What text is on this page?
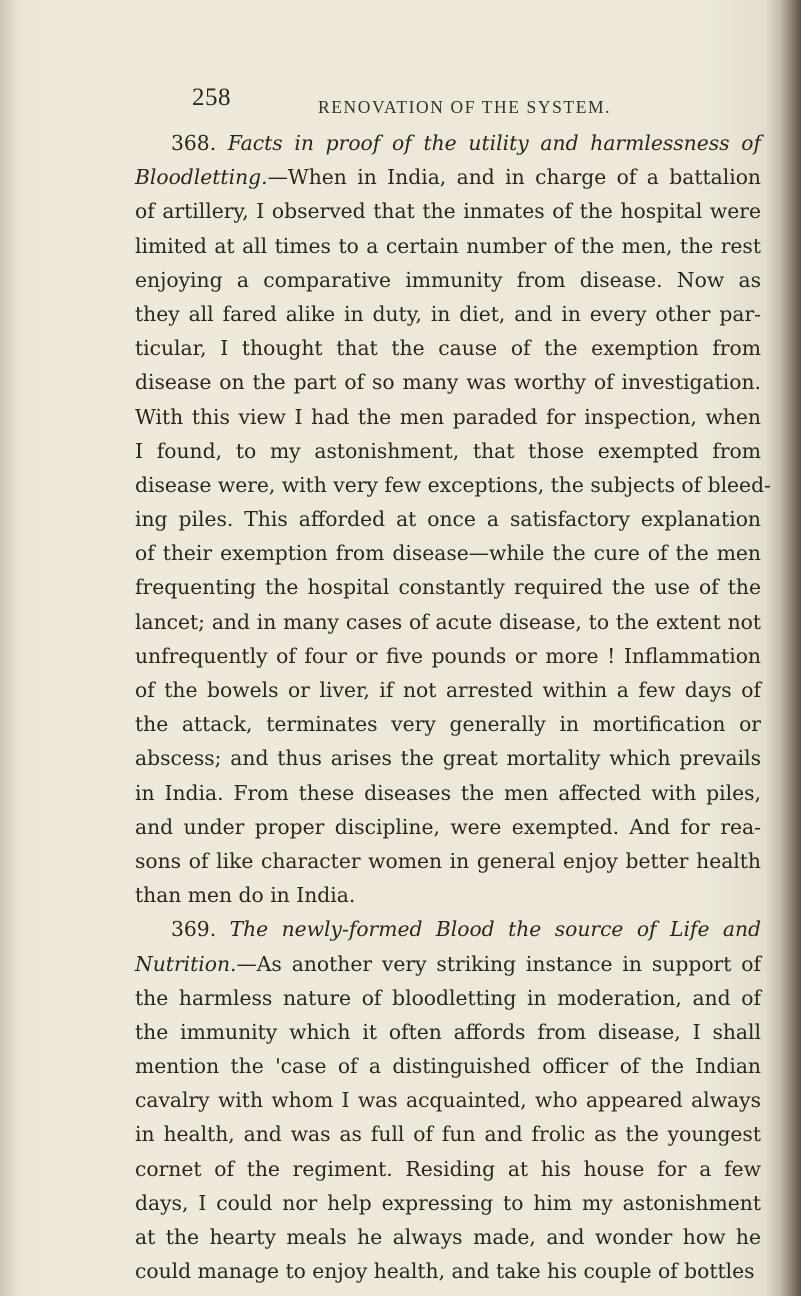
258	RENOVATION OF THE SYSTEM.
368. Facts in proof of the utility and harmlessness of
Bloodletting.—When in India, and in charge of a battalion
of artillery, I observed that the inmates of the hospital were
limited at all times to a certain number of the men, the rest
enjoying a comparative immunity from disease. Now as
they all fared alike in duty, in diet, and in every other par-
ticular, I thought that the cause of the exemption from
disease on the part of so many was worthy of investigation.
With this view I had the men paraded for inspection, when
I found, to my astonishment, that those exempted from
disease were, with very few exceptions, the subjects of bleed-
ing piles. This afforded at once a satisfactory explanation
of their exemption from disease—while the cure of the men
frequenting the hospital constantly required the use of the
lancet; and in many cases of acute disease, to the extent not
unfrequently of four or five pounds or more ! Inflammation
of the bowels or liver, if not arrested within a few days of
the attack, terminates very generally in mortification or
abscess; and thus arises the great mortality which prevails
in India. From these diseases the men affected with piles,
and under proper discipline, were exempted. And for rea-
sons of like character women in general enjoy better health
than men do in India.
369. The newly-formed Blood the source of Life and
Nutrition.—As another very striking instance in support of
the harmless nature of bloodletting in moderation, and of
the immunity which it often affords from disease, I shall
mention the 'case of a distinguished officer of the Indian
cavalry with whom I was acquainted, who appeared always
in health, and was as full of fun and frolic as the youngest
cornet of the regiment. Residing at his house for a few
days, I could nor help expressing to him my astonishment
at the hearty meals he always made, and wonder how he
could manage to enjoy health, and take his couple of bottles
